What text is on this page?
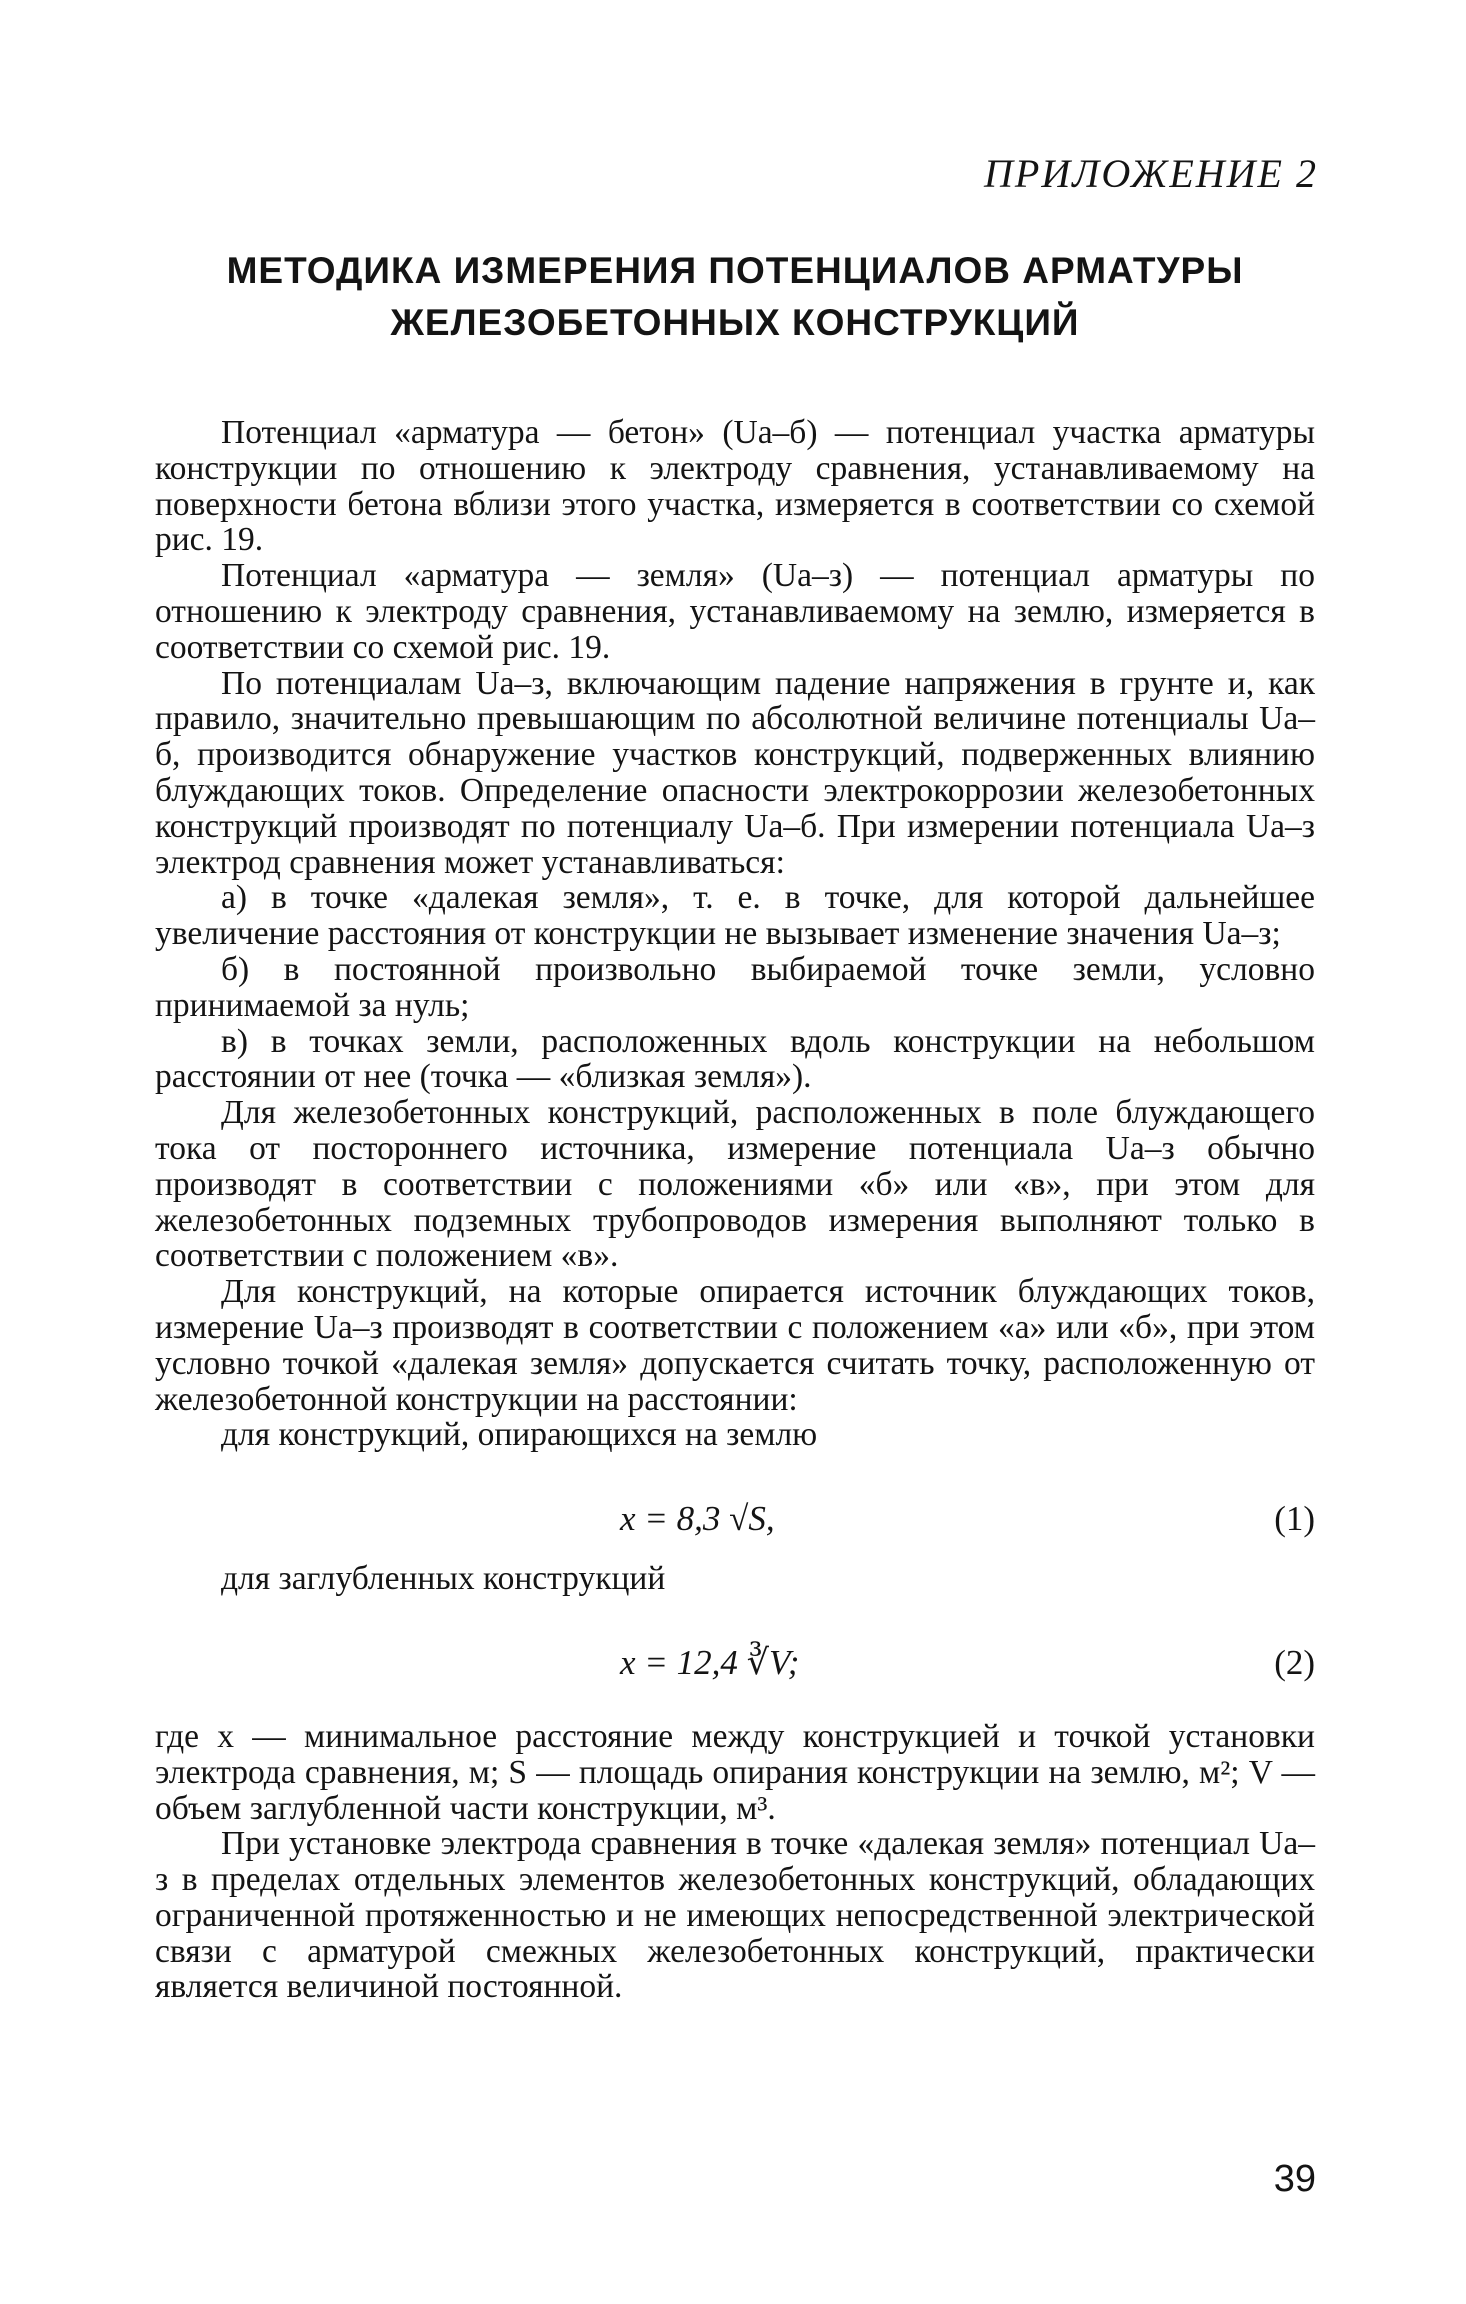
ПРИЛОЖЕНИЕ 2
МЕТОДИКА ИЗМЕРЕНИЯ ПОТЕНЦИАЛОВ АРМАТУРЫ
ЖЕЛЕЗОБЕТОННЫХ КОНСТРУКЦИЙ

Потенциал «арматура — бетон» (Uа–б) — потенциал участка арматуры конструкции по отношению к электроду сравнения, устанавливаемому на поверхности бетона вблизи этого участка, измеряется в соответствии со схемой рис. 19.

Потенциал «арматура — земля» (Uа–з) — потенциал арматуры по отношению к электроду сравнения, устанавливаемому на землю, измеряется в соответствии со схемой рис. 19.

По потенциалам Uа–з, включающим падение напряжения в грунте и, как правило, значительно превышающим по абсолютной величине потенциалы Uа–б, производится обнаружение участков конструкций, подверженных влиянию блуждающих токов. Определение опасности электрокоррозии железобетонных конструкций производят по потенциалу Uа–б. При измерении потенциала Uа–з электрод сравнения может устанавливаться:

а) в точке «далекая земля», т. е. в точке, для которой дальнейшее увеличение расстояния от конструкции не вызывает изменение значения Uа–з;

б) в постоянной произвольно выбираемой точке земли, условно принимаемой за нуль;

в) в точках земли, расположенных вдоль конструкции на небольшом расстоянии от нее (точка — «близкая земля»).

Для железобетонных конструкций, расположенных в поле блуждающего тока от постороннего источника, измерение потенциала Uа–з обычно производят в соответствии с положениями «б» или «в», при этом для железобетонных подземных трубопроводов измерения выполняют только в соответствии с положением «в».

Для конструкций, на которые опирается источник блуждающих токов, измерение Uа–з производят в соответствии с положением «а» или «б», при этом условно точкой «далекая земля» допускается считать точку, расположенную от железобетонной конструкции на расстоянии:

для конструкций, опирающихся на землю

x = 8,3 √S,	(1)

для заглубленных конструкций

x = 12,4 ∛V;	(2)

где x — минимальное расстояние между конструкцией и точкой установки электрода сравнения, м; S — площадь опирания конструкции на землю, м²; V — объем заглубленной части конструкции, м³.

При установке электрода сравнения в точке «далекая земля» потенциал Uа–з в пределах отдельных элементов железобетонных конструкций, обладающих ограниченной протяженностью и не имеющих непосредственной электрической связи с арматурой смежных железобетонных конструкций, практически является величиной постоянной.

39
